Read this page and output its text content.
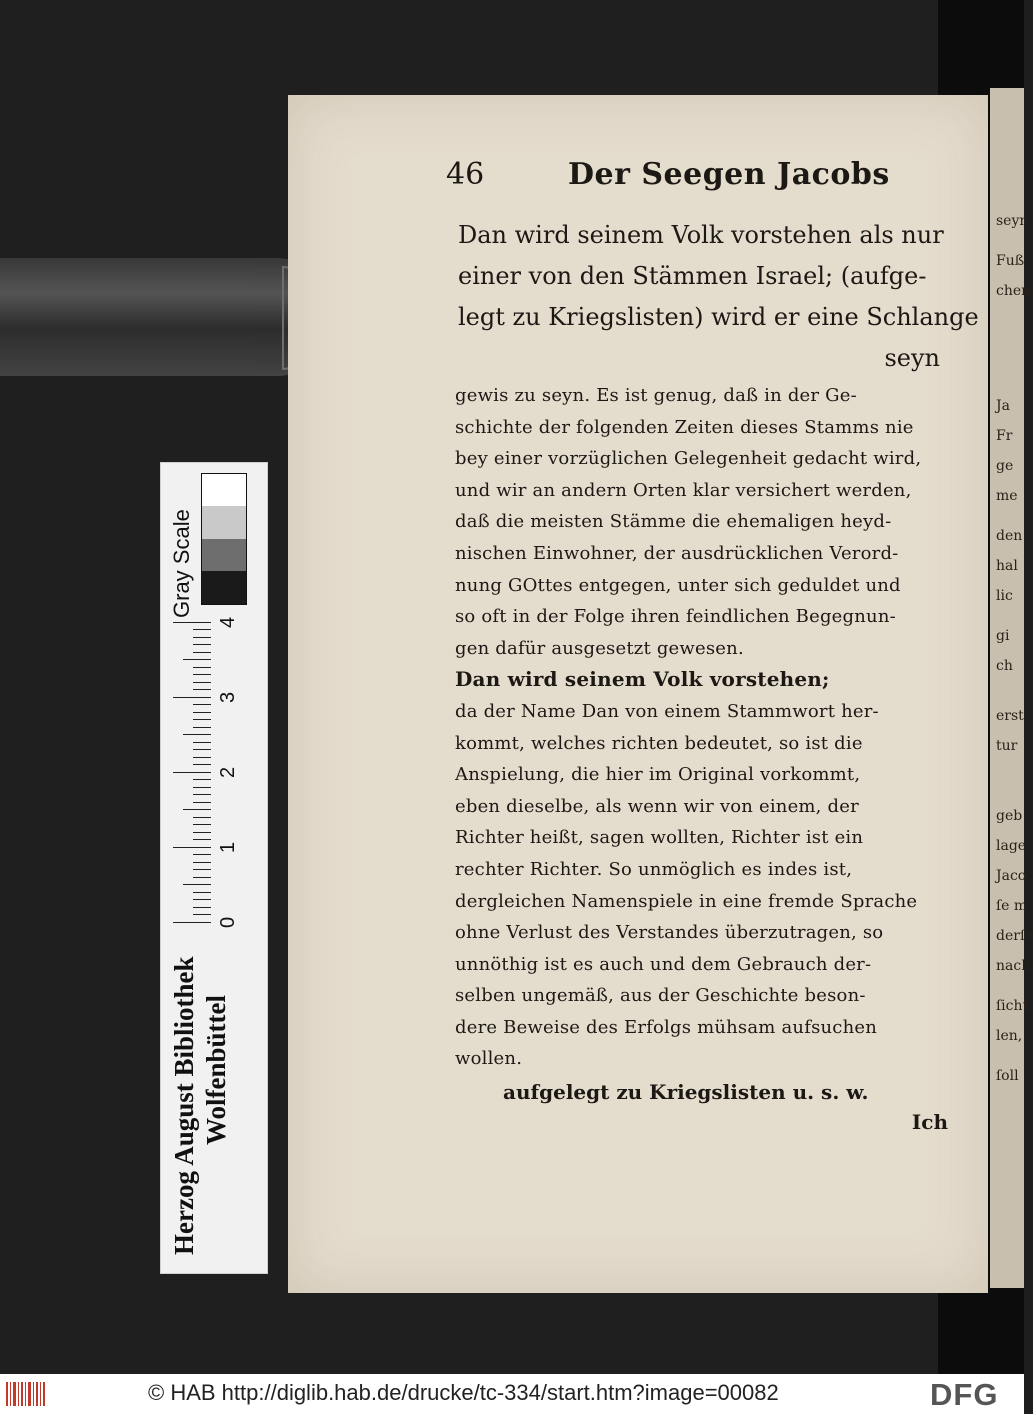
seyn
Fuß
chen
Ja
Fr
ge
me
den
hal
lic
gi
ch
erst
tur
geb
lage
Jaco
ſe m
derſe
nach
ſicht
len,
ſoll
46	Der Seegen Jacobs
Dan wird seinem Volk vorstehen als nur
einer von den Stämmen Israel; (aufge-
legt zu Kriegslisten) wird er eine Schlange
seyn
gewis zu seyn. Es ist genug, daß in der Ge-
schichte der folgenden Zeiten dieses Stamms nie
bey einer vorzüglichen Gelegenheit gedacht wird,
und wir an andern Orten klar versichert werden,
daß die meisten Stämme die ehemaligen heyd-
nischen Einwohner, der ausdrücklichen Verord-
nung GOttes entgegen, unter sich geduldet und
so oft in der Folge ihren feindlichen Begegnun-
gen dafür ausgesetzt gewesen.
Dan wird seinem Volk vorstehen;
da der Name Dan von einem Stammwort her-
kommt, welches richten bedeutet, so ist die
Anspielung, die hier im Original vorkommt,
eben dieselbe, als wenn wir von einem, der
Richter heißt, sagen wollten, Richter ist ein
rechter Richter. So unmöglich es indes ist,
dergleichen Namenspiele in eine fremde Sprache
ohne Verlust des Verstandes überzutragen, so
unnöthig ist es auch und dem Gebrauch der-
selben ungemäß, aus der Geschichte beson-
dere Beweise des Erfolgs mühsam aufsuchen
wollen.
aufgelegt zu Kriegslisten u. s. w.
Ich
Herzog August Bibliothek Wolfenbüttel
0
1
2
3
4
Gray Scale
© HAB http://diglib.hab.de/drucke/tc-334/start.htm?image=00082	DFG
